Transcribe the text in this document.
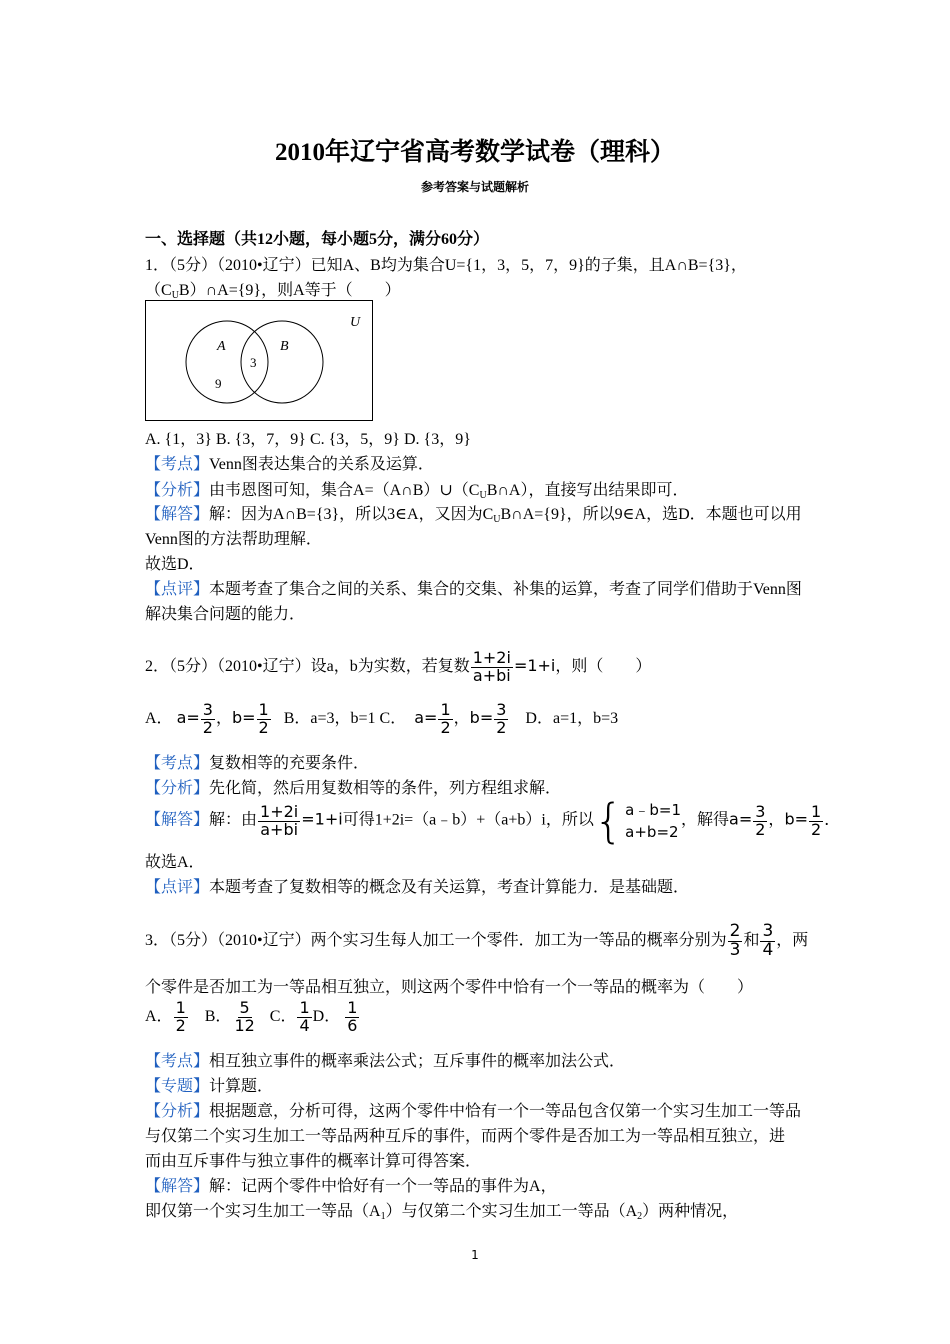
2010年辽宁省高考数学试卷（理科）
参考答案与试题解析
一、选择题（共12小题，每小题5分，满分60分）
1．（5分）（2010•辽宁）已知A、B均为集合U={1，3，5，7，9}的子集，且A∩B={3}，
$(C_UB)\cap A=\{9\}$，则A等于（　　）
U
A	B
3
9
A. {1，3} B. {3，7，9} C. {3，5，9} D. {3，9}
【考点】Venn图表达集合的关系及运算．
【分析】由韦恩图可知，集合$A=(A\cap B)\cup(C_UB\cap A)$，直接写出结果即可．
【解答】解：因为A∩B={3}，所以3∈A，又因为$C_UB\cap A=\{9\}$，所以9∈A，选D．本题也可以用
Venn图的方法帮助理解．
故选D．
【点评】本题考查了集合之间的关系、集合的交集、补集的运算，考查了同学们借助于Venn图
解决集合问题的能力．
2．（5分）（2010•辽宁）设a，b为实数，若复数 $\frac{1+2i}{a+bi} =1+i$，则（　　）
A． $a= \frac{3}{2}$ ，$b= \frac{1}{2}$ B．a=3，b=1 C． $a= \frac{1}{2}$ ，$b= \frac{3}{2}$ D．a=1，b=3
【考点】复数相等的充要条件．
【分析】先化简，然后用复数相等的条件，列方程组求解．
【解答】解：由 $\frac{1+2i}{a+bi} =1+i$可得1+2i=（a﹣b）+（a+b）i，所以 { a﹣b=1
a+b=2
，解得$a= \frac{3}{2}$ ，$b= \frac{1}{2}$ ．
故选A．
【点评】本题考查了复数相等的概念及有关运算，考查计算能力．是基础题．
3．（5分）（2010•辽宁）两个实习生每人加工一个零件．加工为一等品的概率分别为 $\frac{2}{3}$ 和 $\frac{3}{4}$ ，两
个零件是否加工为一等品相互独立，则这两个零件中恰有一个一等品的概率为（　　）
A． $\frac{1}{2}$ B． $\frac{5}{12}$ C． $\frac{1}{4}$ D． $\frac{1}{6}$
【考点】相互独立事件的概率乘法公式；互斥事件的概率加法公式．
【专题】计算题．
【分析】根据题意，分析可得，这两个零件中恰有一个一等品包含仅第一个实习生加工一等品
与仅第二个实习生加工一等品两种互斥的事件，而两个零件是否加工为一等品相互独立，进
而由互斥事件与独立事件的概率计算可得答案．
【解答】解：记两个零件中恰好有一个一等品的事件为A，
即仅第一个实习生加工一等品$(A_1)$与仅第二个实习生加工一等品$(A_2)$两种情况，
1
